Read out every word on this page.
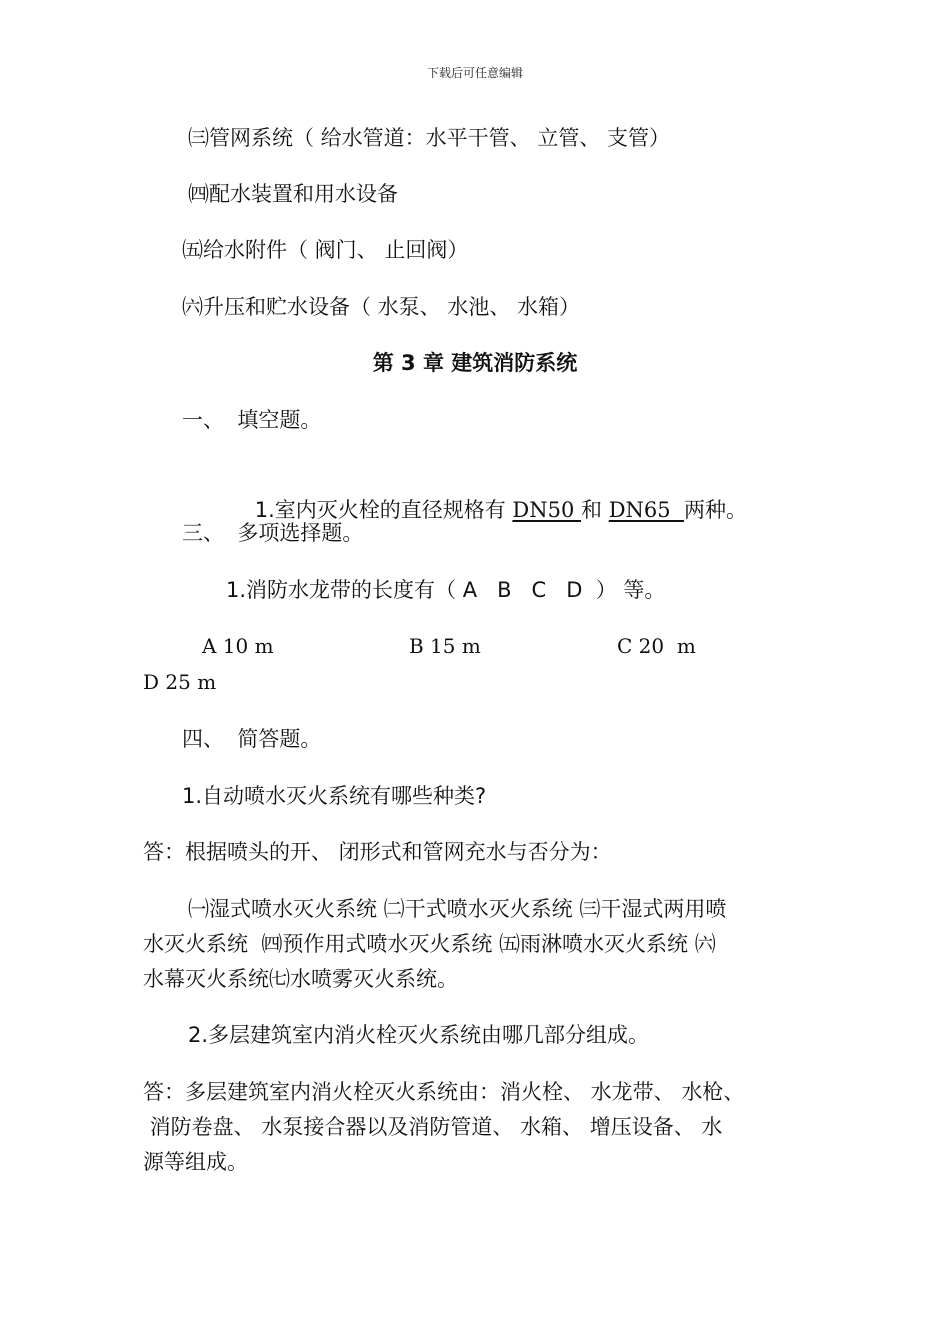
下载后可任意编辑
㈢管网系统（ 给水管道：水平干管、 立管、 支管）
㈣配水装置和用水设备
㈤给水附件（ 阀门、 止回阀）
㈥升压和贮水设备（ 水泵、 水池、 水箱）
第 3 章 建筑消防系统
一、  填空题。

1.室内灭火栓的直径规格有 DN50 和 DN65  两种。

三、  多项选择题。
1.消防水龙带的长度有（ A   B   C   D  ） 等。
A 10 m	B 15 m	C 20  m
D 25 m
四、  简答题。
1.自动喷水灭火系统有哪些种类?
答：根据喷头的开、 闭形式和管网充水与否分为：
㈠湿式喷水灭火系统 ㈡干式喷水灭火系统 ㈢干湿式两用喷
水灭火系统  ㈣预作用式喷水灭火系统 ㈤雨淋喷水灭火系统 ㈥
水幕灭火系统㈦水喷雾灭火系统。
2.多层建筑室内消火栓灭火系统由哪几部分组成。
答：多层建筑室内消火栓灭火系统由：消火栓、 水龙带、 水枪、
消防卷盘、 水泵接合器以及消防管道、 水箱、 增压设备、 水
源等组成。
